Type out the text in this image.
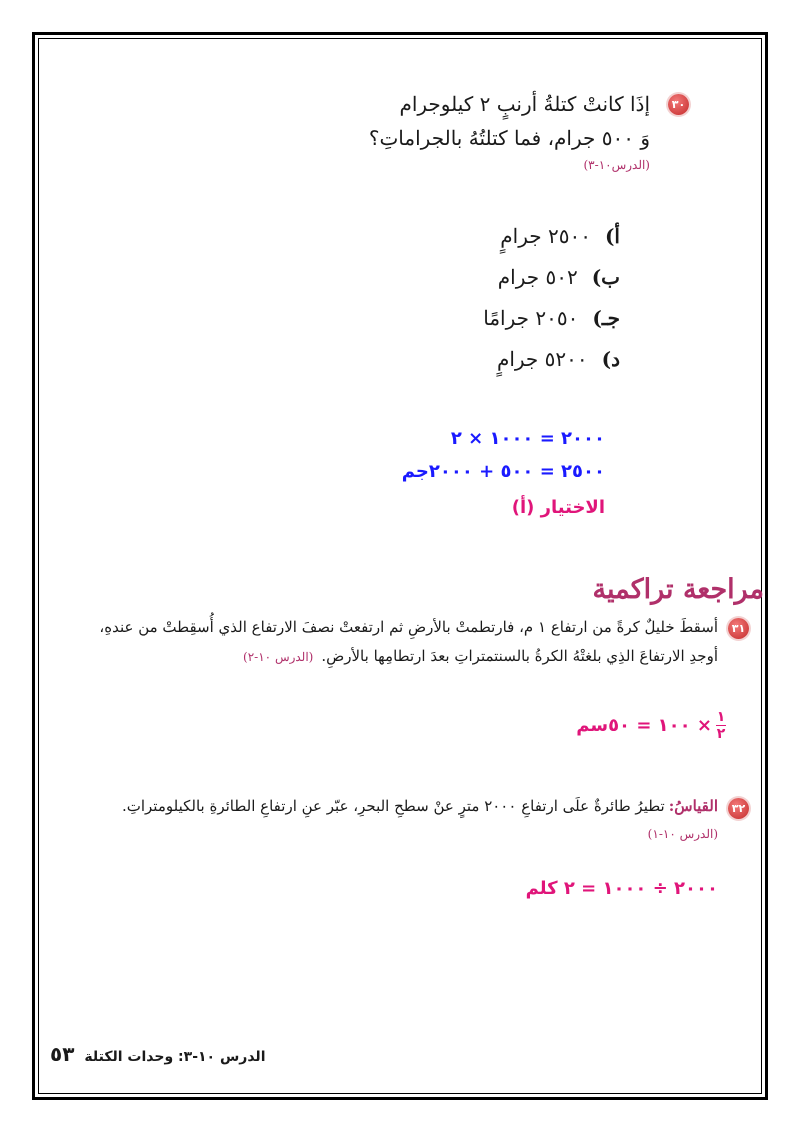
٣٠
إذَا كانتْ كتلةُ أرنبٍ ٢ كيلوجرام
وَ ٥٠٠ جرام، فما كتلتُهُ بالجراماتِ؟
(الدرس١٠-٣)
أ)
٢٥٠٠ جرامٍ
ب)
٥٠٢ جرام
جـ)
٢٠٥٠ جرامًا
د)
٥٢٠٠ جرامٍ
٢٠٠٠ = ١٠٠٠ × ٢
٢٥٠٠ = ٥٠٠ + ٢٠٠٠جم
الاختيار (أ)
مراجعة تراكمية
٣١
أسقطَ خليلٌ كرةً من ارتفاع ١ م، فارتطمتْ بالأرضِ ثم ارتفعتْ نصفَ الارتفاع الذي أُسقِطتْ من عندهِ،
أوجدِ الارتفاعَ الذِي بلغتْهُ الكرةُ بالسنتمتراتِ بعدَ ارتطامِها بالأرضِ.
(الدرس ١٠-٢)
$\frac{١}{٢}$
× ١٠٠ = ٥٠سم
٣٢
القياسُ:
تطيرُ طائرةٌ علَى ارتفاعِ ٢٠٠٠ مترٍ عنْ سطحِ البحرِ، عبّر عنِ ارتفاعِ الطائرةِ بالكيلومتراتِ.
(الدرس ١٠-١)
٢٠٠٠ ÷ ١٠٠٠ = ٢ كلم
الدرس ١٠-٣: وحدات الكتلة
٥٣
